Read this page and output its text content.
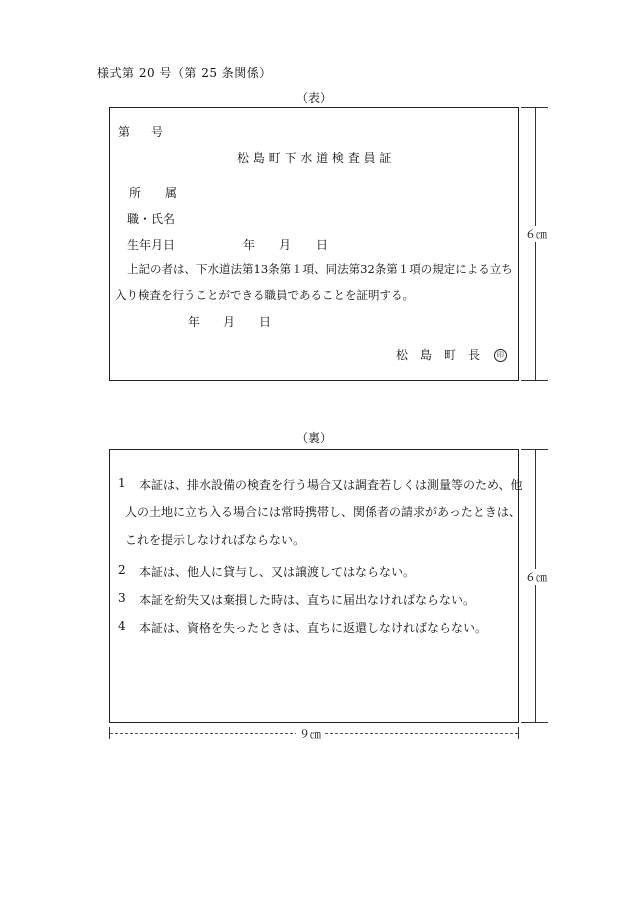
様式第 20 号（第 25 条関係）
（表）
第 号
松 島 町 下 水 道 検 査 員 証
所　　属
職・氏名
生年月日	年 月 日
上記の者は、下水道法第13条第１項、同法第32条第１項の規定による立ち
入り検査を行うことができる職員であることを証明する。
年 月 日
松　島　町　長 印
６㎝
（裏）
1 本証は、排水設備の検査を行う場合又は調査若しくは測量等のため、他
人の土地に立ち入る場合には常時携帯し、関係者の請求があったときは、
これを提示しなければならない。
2 本証は、他人に貸与し、又は譲渡してはならない。
3 本証を紛失又は棄損した時は、直ちに届出なければならない。
4 本証は、資格を失ったときは、直ちに返還しなければならない。
６㎝
９㎝
